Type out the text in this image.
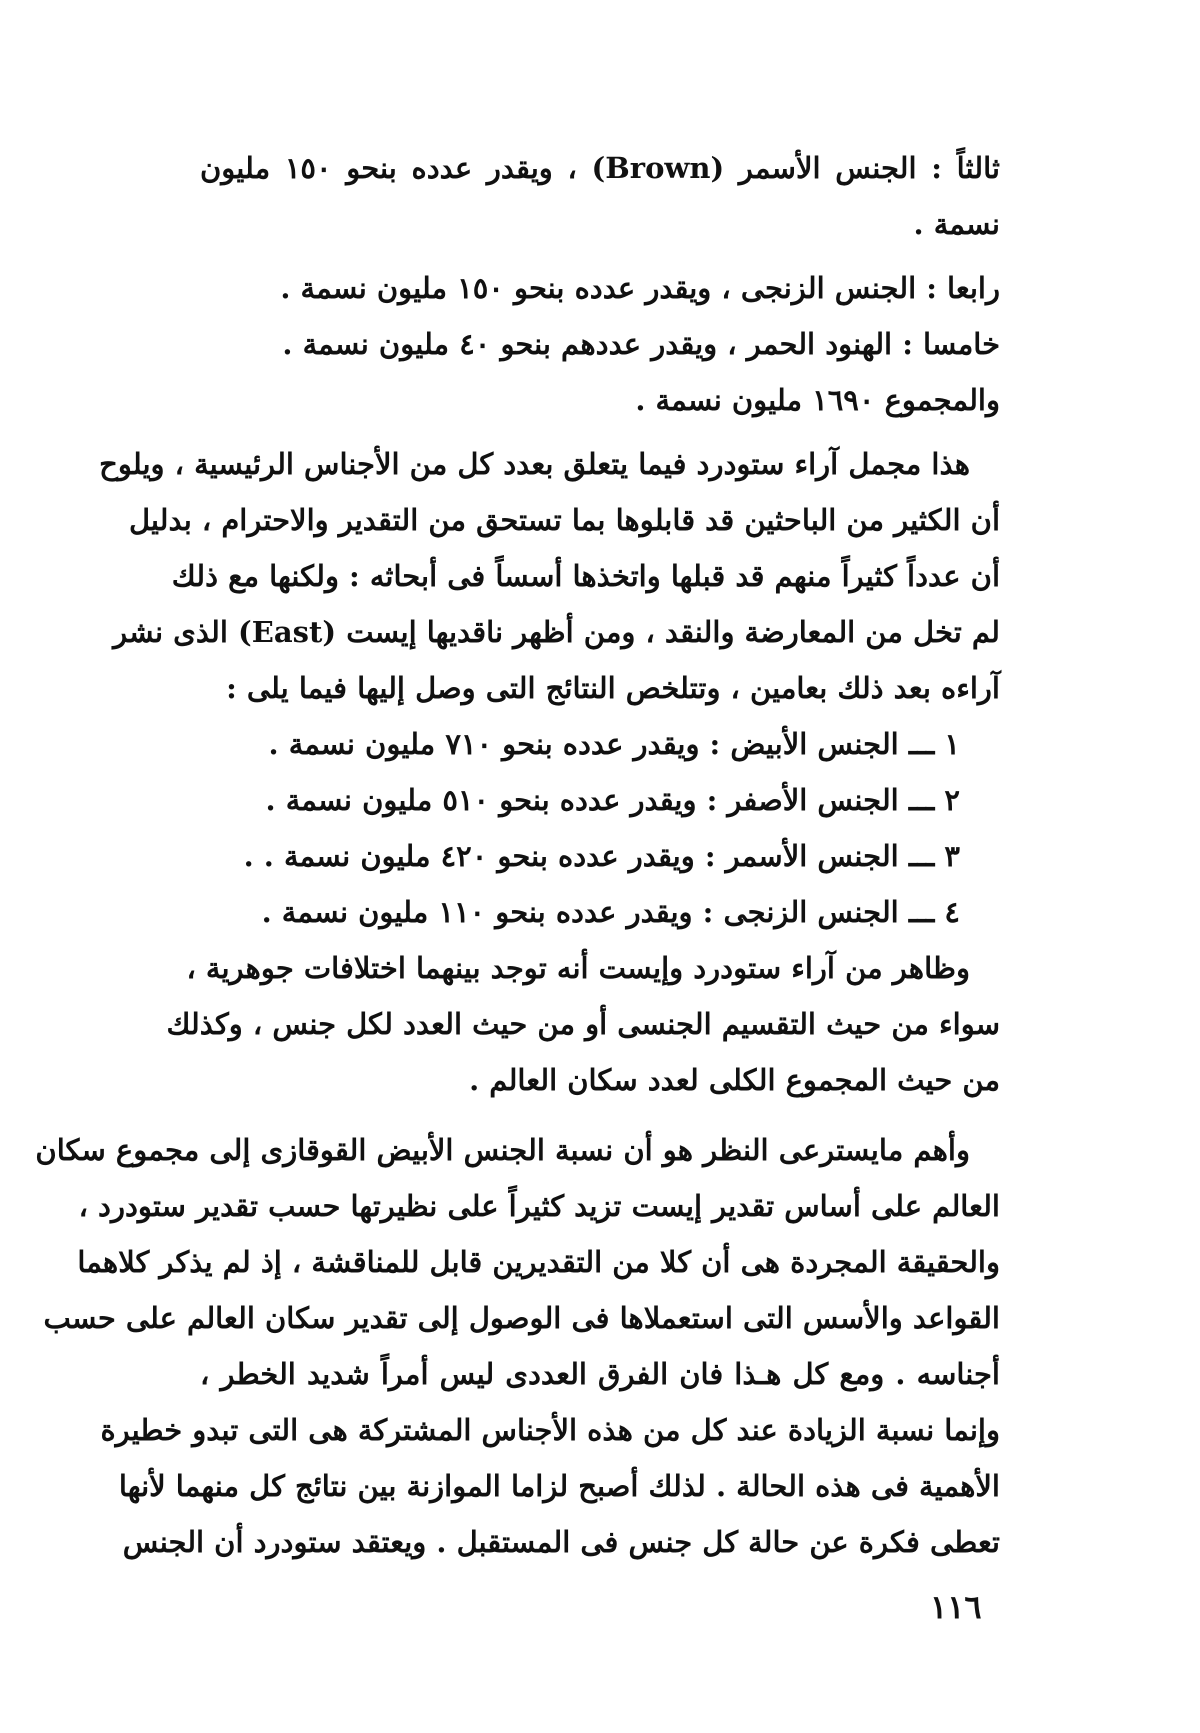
ثالثاً : الجنس الأسمر (Brown) ، ويقدر عدده بنحو ١٥٠ مليون
نسمة .
رابعا : الجنس الزنجى ، ويقدر عدده بنحو ١٥٠ مليون نسمة .
خامسا : الهنود الحمر ، ويقدر عددهم بنحو ٤٠ مليون نسمة .
والمجموع ١٦٩٠ مليون نسمة .
هذا مجمل آراء ستودرد فيما يتعلق بعدد كل من الأجناس الرئيسية ، ويلوح
أن الكثير من الباحثين قد قابلوها بما تستحق من التقدير والاحترام ، بدليل
أن عدداً كثيراً منهم قد قبلها واتخذها أسساً فى أبحاثه : ولكنها مع ذلك
لم تخل من المعارضة والنقد ، ومن أظهر ناقديها إيست (East) الذى نشر
آراءه بعد ذلك بعامين ، وتتلخص النتائج التى وصل إليها فيما يلى :
١ ـــ الجنس الأبيض : ويقدر عدده بنحو ٧١٠ مليون نسمة .
٢ ـــ الجنس الأصفر : ويقدر عدده بنحو ٥١٠ مليون نسمة .
٣ ـــ الجنس الأسمر : ويقدر عدده بنحو ٤٢٠ مليون نسمة . .
٤ ـــ الجنس الزنجى : ويقدر عدده بنحو ١١٠ مليون نسمة .
وظاهر من آراء ستودرد وإيست أنه توجد بينهما اختلافات جوهرية ،
سواء من حيث التقسيم الجنسى أو من حيث العدد لكل جنس ، وكذلك
من حيث المجموع الكلى لعدد سكان العالم .
وأهم مايسترعى النظر هو أن نسبة الجنس الأبيض القوقازى إلى مجموع سكان
العالم على أساس تقدير إيست تزيد كثيراً على نظيرتها حسب تقدير ستودرد ،
والحقيقة المجردة هى أن كلا من التقديرين قابل للمناقشة ، إذ لم يذكر كلاهما
القواعد والأسس التى استعملاها فى الوصول إلى تقدير سكان العالم على حسب
أجناسه . ومع كل هـذا فان الفرق العددى ليس أمراً شديد الخطر ،
وإنما نسبة الزيادة عند كل من هذه الأجناس المشتركة هى التى تبدو خطيرة
الأهمية فى هذه الحالة . لذلك أصبح لزاما الموازنة بين نتائج كل منهما لأنها
تعطى فكرة عن حالة كل جنس فى المستقبل . ويعتقد ستودرد أن الجنس
١١٦
